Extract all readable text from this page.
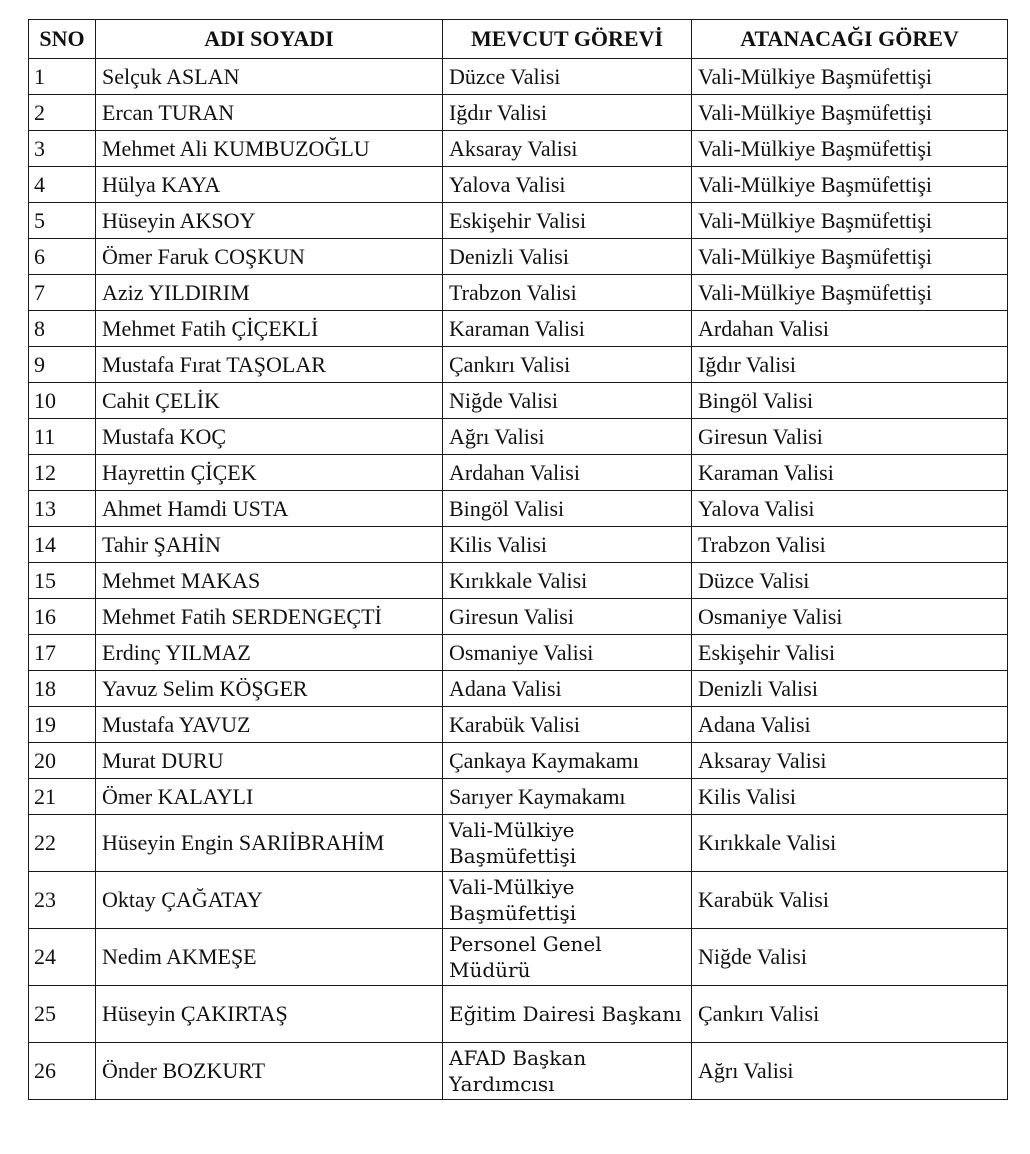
SNO	ADI SOYADI	MEVCUT GÖREVİ	ATANACAĞI GÖREV
1	Selçuk ASLAN	Düzce Valisi	Vali-Mülkiye Başmüfettişi
2	Ercan TURAN	Iğdır Valisi	Vali-Mülkiye Başmüfettişi
3	Mehmet Ali KUMBUZOĞLU	Aksaray Valisi	Vali-Mülkiye Başmüfettişi
4	Hülya KAYA	Yalova Valisi	Vali-Mülkiye Başmüfettişi
5	Hüseyin AKSOY	Eskişehir Valisi	Vali-Mülkiye Başmüfettişi
6	Ömer Faruk COŞKUN	Denizli Valisi	Vali-Mülkiye Başmüfettişi
7	Aziz YILDIRIM	Trabzon Valisi	Vali-Mülkiye Başmüfettişi
8	Mehmet Fatih ÇİÇEKLİ	Karaman Valisi	Ardahan Valisi
9	Mustafa Fırat TAŞOLAR	Çankırı Valisi	Iğdır Valisi
10	Cahit ÇELİK	Niğde Valisi	Bingöl Valisi
11	Mustafa KOÇ	Ağrı Valisi	Giresun Valisi
12	Hayrettin ÇİÇEK	Ardahan Valisi	Karaman Valisi
13	Ahmet Hamdi USTA	Bingöl Valisi	Yalova Valisi
14	Tahir ŞAHİN	Kilis Valisi	Trabzon Valisi
15	Mehmet MAKAS	Kırıkkale Valisi	Düzce Valisi
16	Mehmet Fatih SERDENGEÇTİ	Giresun Valisi	Osmaniye Valisi
17	Erdinç YILMAZ	Osmaniye Valisi	Eskişehir Valisi
18	Yavuz Selim KÖŞGER	Adana Valisi	Denizli Valisi
19	Mustafa YAVUZ	Karabük Valisi	Adana Valisi
20	Murat DURU	Çankaya Kaymakamı	Aksaray Valisi
21	Ömer KALAYLI	Sarıyer Kaymakamı	Kilis Valisi
22	Hüseyin Engin SARIİBRAHİM	Vali-Mülkiye Başmüfettişi	Kırıkkale Valisi
23	Oktay ÇAĞATAY	Vali-Mülkiye Başmüfettişi	Karabük Valisi
24	Nedim AKMEŞE	Personel Genel Müdürü	Niğde Valisi
25	Hüseyin ÇAKIRTAŞ	Eğitim Dairesi Başkanı	Çankırı Valisi
26	Önder BOZKURT	AFAD Başkan Yardımcısı	Ağrı Valisi
